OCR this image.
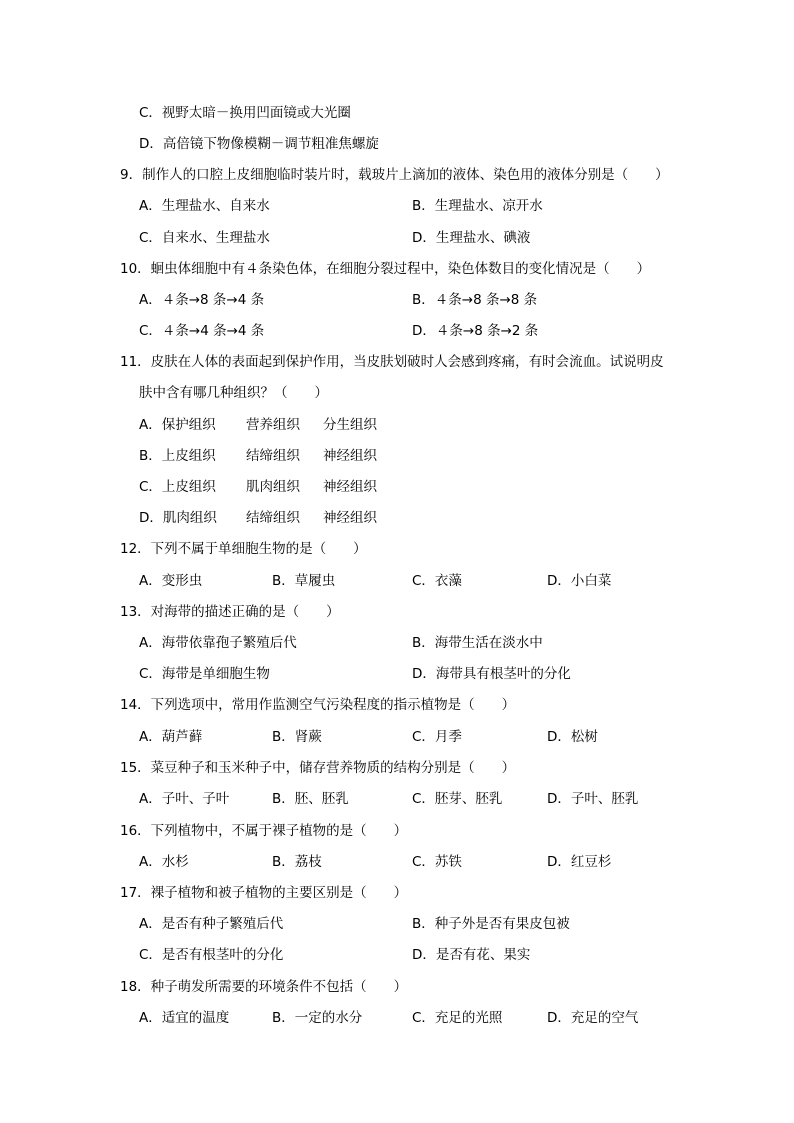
C．视野太暗－换用凹面镜或大光圈
D．高倍镜下物像模糊－调节粗准焦螺旋
9．制作人的口腔上皮细胞临时装片时，载玻片上滴加的液体、染色用的液体分别是（　　）
A．生理盐水、自来水	B．生理盐水、凉开水
C．自来水、生理盐水	D．生理盐水、碘液
10．蛔虫体细胞中有４条染色体，在细胞分裂过程中，染色体数目的变化情况是（　　）
A．４条→8 条→4 条	B．４条→8 条→8 条
C．４条→4 条→4 条	D．４条→8 条→2 条
11．皮肤在人体的表面起到保护作用，当皮肤划破时人会感到疼痛，有时会流血。试说明皮
肤中含有哪几种组织？（　　）
A．保护组织 营养组织 分生组织
B．上皮组织 结缔组织 神经组织
C．上皮组织 肌肉组织 神经组织
D．肌肉组织 结缔组织 神经组织
12．下列不属于单细胞生物的是（　　）
A．变形虫	B．草履虫	C．衣藻	D．小白菜
13．对海带的描述正确的是（　　）
A．海带依靠孢子繁殖后代	B．海带生活在淡水中
C．海带是单细胞生物	D．海带具有根茎叶的分化
14．下列选项中，常用作监测空气污染程度的指示植物是（　　）
A．葫芦藓	B．肾蕨	C．月季	D．松树
15．菜豆种子和玉米种子中，储存营养物质的结构分别是（　　）
A．子叶、子叶	B．胚、胚乳	C．胚芽、胚乳	D．子叶、胚乳
16．下列植物中，不属于裸子植物的是（　　）
A．水杉	B．荔枝	C．苏铁	D．红豆杉
17．裸子植物和被子植物的主要区别是（　　）
A．是否有种子繁殖后代	B．种子外是否有果皮包被
C．是否有根茎叶的分化	D．是否有花、果实
18．种子萌发所需要的环境条件不包括（　　）
A．适宜的温度	B．一定的水分	C．充足的光照	D．充足的空气
